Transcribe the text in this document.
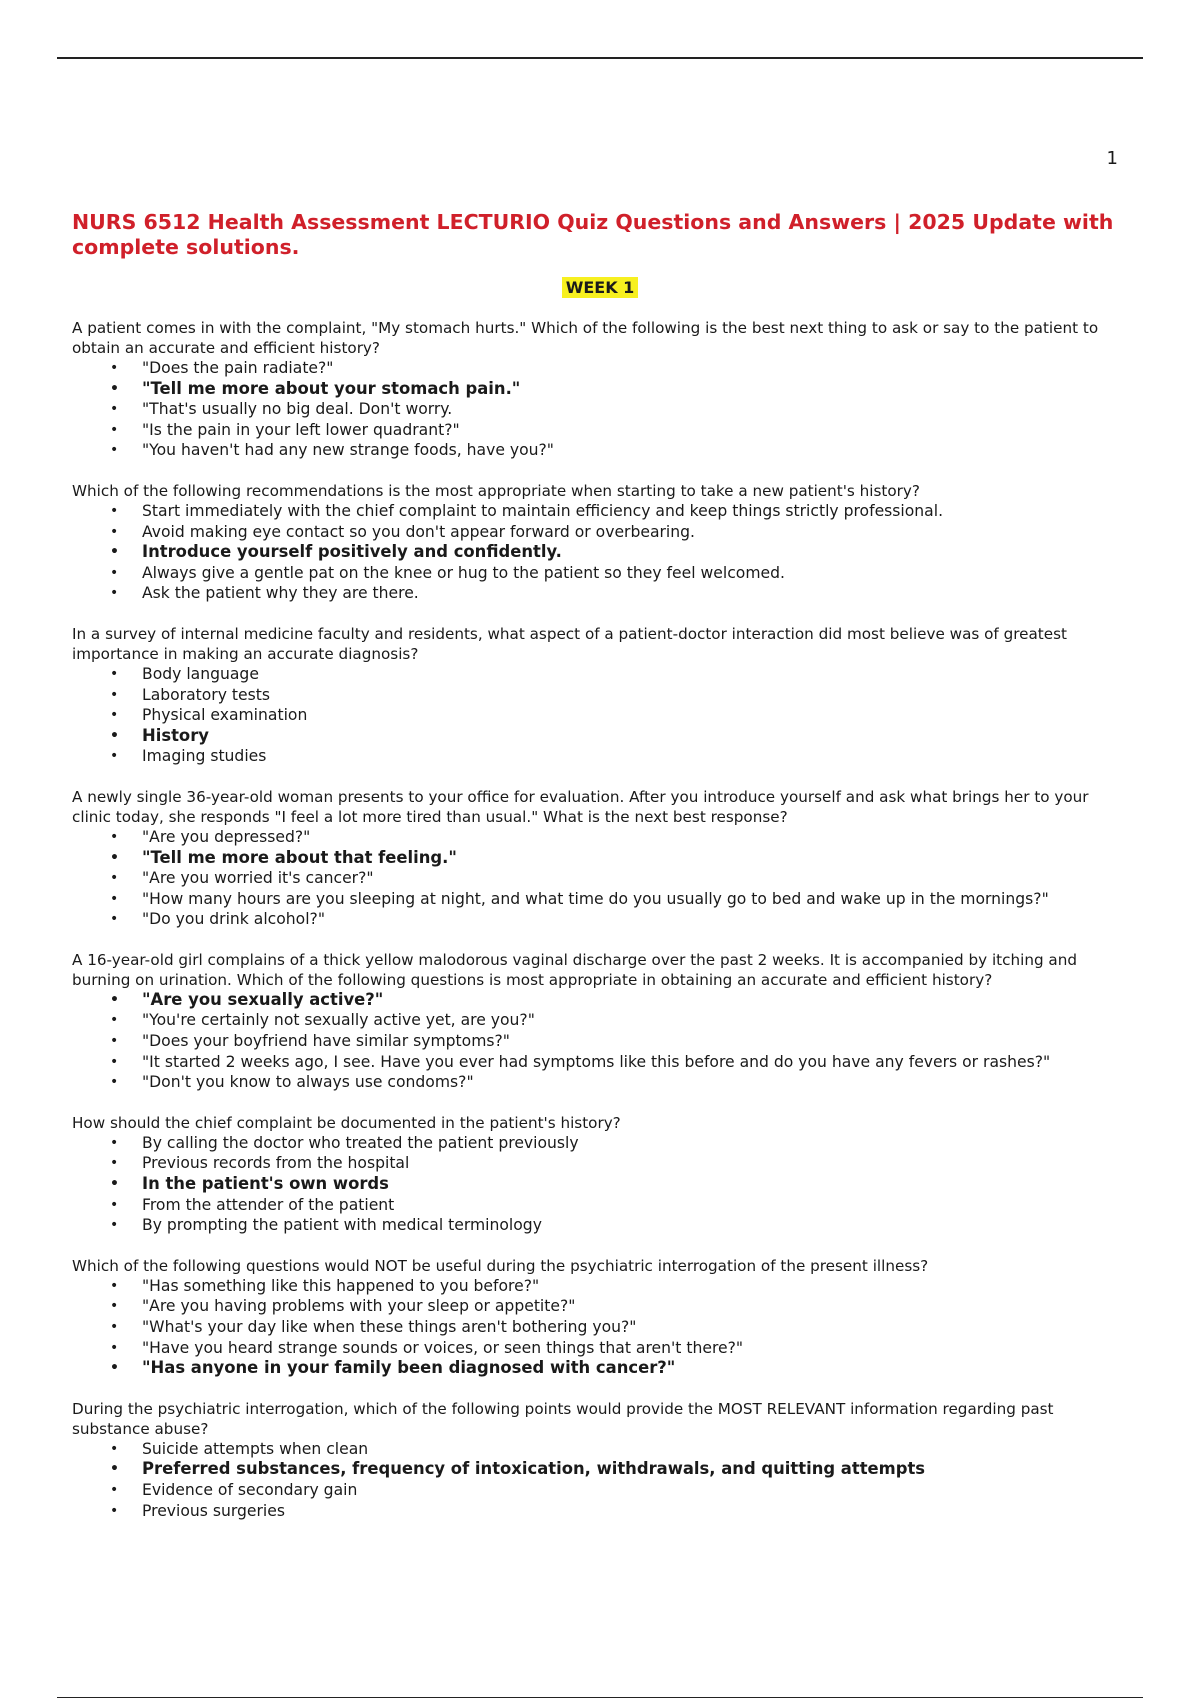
1
NURS 6512 Health Assessment LECTURIO Quiz Questions and Answers | 2025 Update with complete solutions.
WEEK 1

A patient comes in with the complaint, "My stomach hurts." Which of the following is the best next thing to ask or say to the patient to obtain an accurate and efficient history?

• "Does the pain radiate?"
• "Tell me more about your stomach pain."
• "That's usually no big deal. Don't worry.
• "Is the pain in your left lower quadrant?"
• "You haven't had any new strange foods, have you?"

Which of the following recommendations is the most appropriate when starting to take a new patient's history?

• Start immediately with the chief complaint to maintain efficiency and keep things strictly professional.
• Avoid making eye contact so you don't appear forward or overbearing.
• Introduce yourself positively and confidently.
• Always give a gentle pat on the knee or hug to the patient so they feel welcomed.
• Ask the patient why they are there.

In a survey of internal medicine faculty and residents, what aspect of a patient-doctor interaction did most believe was of greatest importance in making an accurate diagnosis?

• Body language
• Laboratory tests
• Physical examination
• History
• Imaging studies

A newly single 36-year-old woman presents to your office for evaluation. After you introduce yourself and ask what brings her to your clinic today, she responds "I feel a lot more tired than usual." What is the next best response?

• "Are you depressed?"
• "Tell me more about that feeling."
• "Are you worried it's cancer?"
• "How many hours are you sleeping at night, and what time do you usually go to bed and wake up in the mornings?"
• "Do you drink alcohol?"

A 16-year-old girl complains of a thick yellow malodorous vaginal discharge over the past 2 weeks. It is accompanied by itching and burning on urination. Which of the following questions is most appropriate in obtaining an accurate and efficient history?

• "Are you sexually active?"
• "You're certainly not sexually active yet, are you?"
• "Does your boyfriend have similar symptoms?"
• "It started 2 weeks ago, I see. Have you ever had symptoms like this before and do you have any fevers or rashes?"
• "Don't you know to always use condoms?"

How should the chief complaint be documented in the patient's history?

• By calling the doctor who treated the patient previously
• Previous records from the hospital
• In the patient's own words
• From the attender of the patient
• By prompting the patient with medical terminology

Which of the following questions would NOT be useful during the psychiatric interrogation of the present illness?

• "Has something like this happened to you before?"
• "Are you having problems with your sleep or appetite?"
• "What's your day like when these things aren't bothering you?"
• "Have you heard strange sounds or voices, or seen things that aren't there?"
• "Has anyone in your family been diagnosed with cancer?"

During the psychiatric interrogation, which of the following points would provide the MOST RELEVANT information regarding past substance abuse?

• Suicide attempts when clean
• Preferred substances, frequency of intoxication, withdrawals, and quitting attempts
• Evidence of secondary gain
• Previous surgeries
